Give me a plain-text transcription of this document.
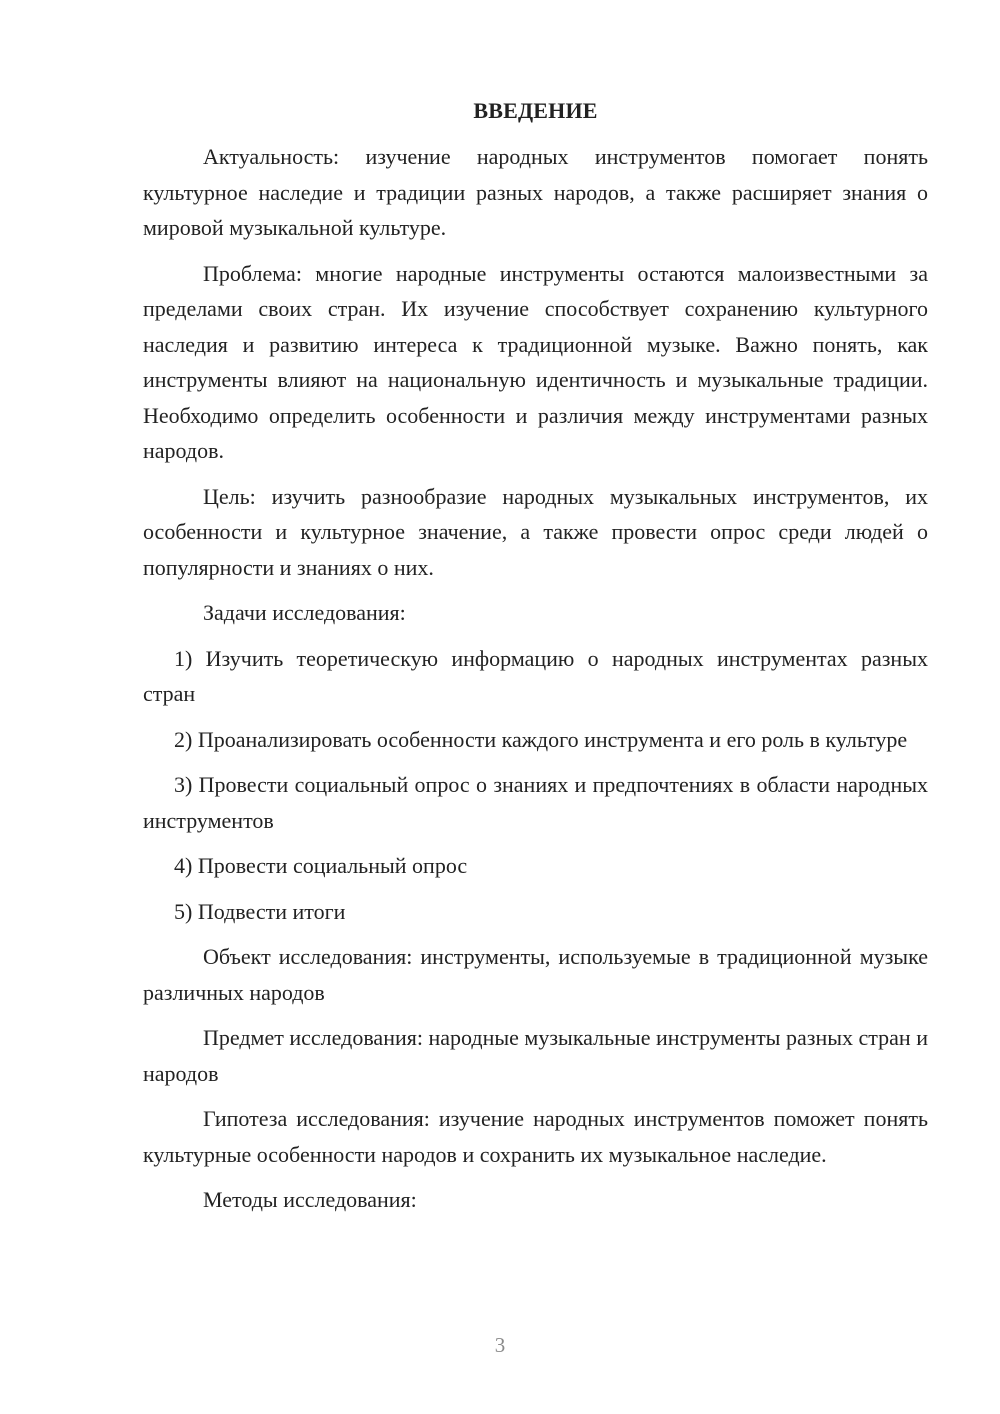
ВВЕДЕНИЕ

Актуальность: изучение народных инструментов помогает понять культурное наследие и традиции разных народов, а также расширяет знания о мировой музыкальной культуре.

Проблема: многие народные инструменты остаются малоизвестными за пределами своих стран. Их изучение способствует сохранению культурного наследия и развитию интереса к традиционной музыке. Важно понять, как инструменты влияют на национальную идентичность и музыкальные традиции. Необходимо определить особенности и различия между инструментами разных народов.

Цель: изучить разнообразие народных музыкальных инструментов, их особенности и культурное значение, а также провести опрос среди людей о популярности и знаниях о них.

Задачи исследования:

1) Изучить теоретическую информацию о народных инструментах разных стран

2) Проанализировать особенности каждого инструмента и его роль в культуре

3) Провести социальный опрос о знаниях и предпочтениях в области народных инструментов

4) Провести социальный опрос

5) Подвести итоги

Объект исследования: инструменты, используемые в традиционной музыке различных народов

Предмет исследования: народные музыкальные инструменты разных стран и народов

Гипотеза исследования: изучение народных инструментов поможет понять культурные особенности народов и сохранить их музыкальное наследие.

Методы исследования:

3
